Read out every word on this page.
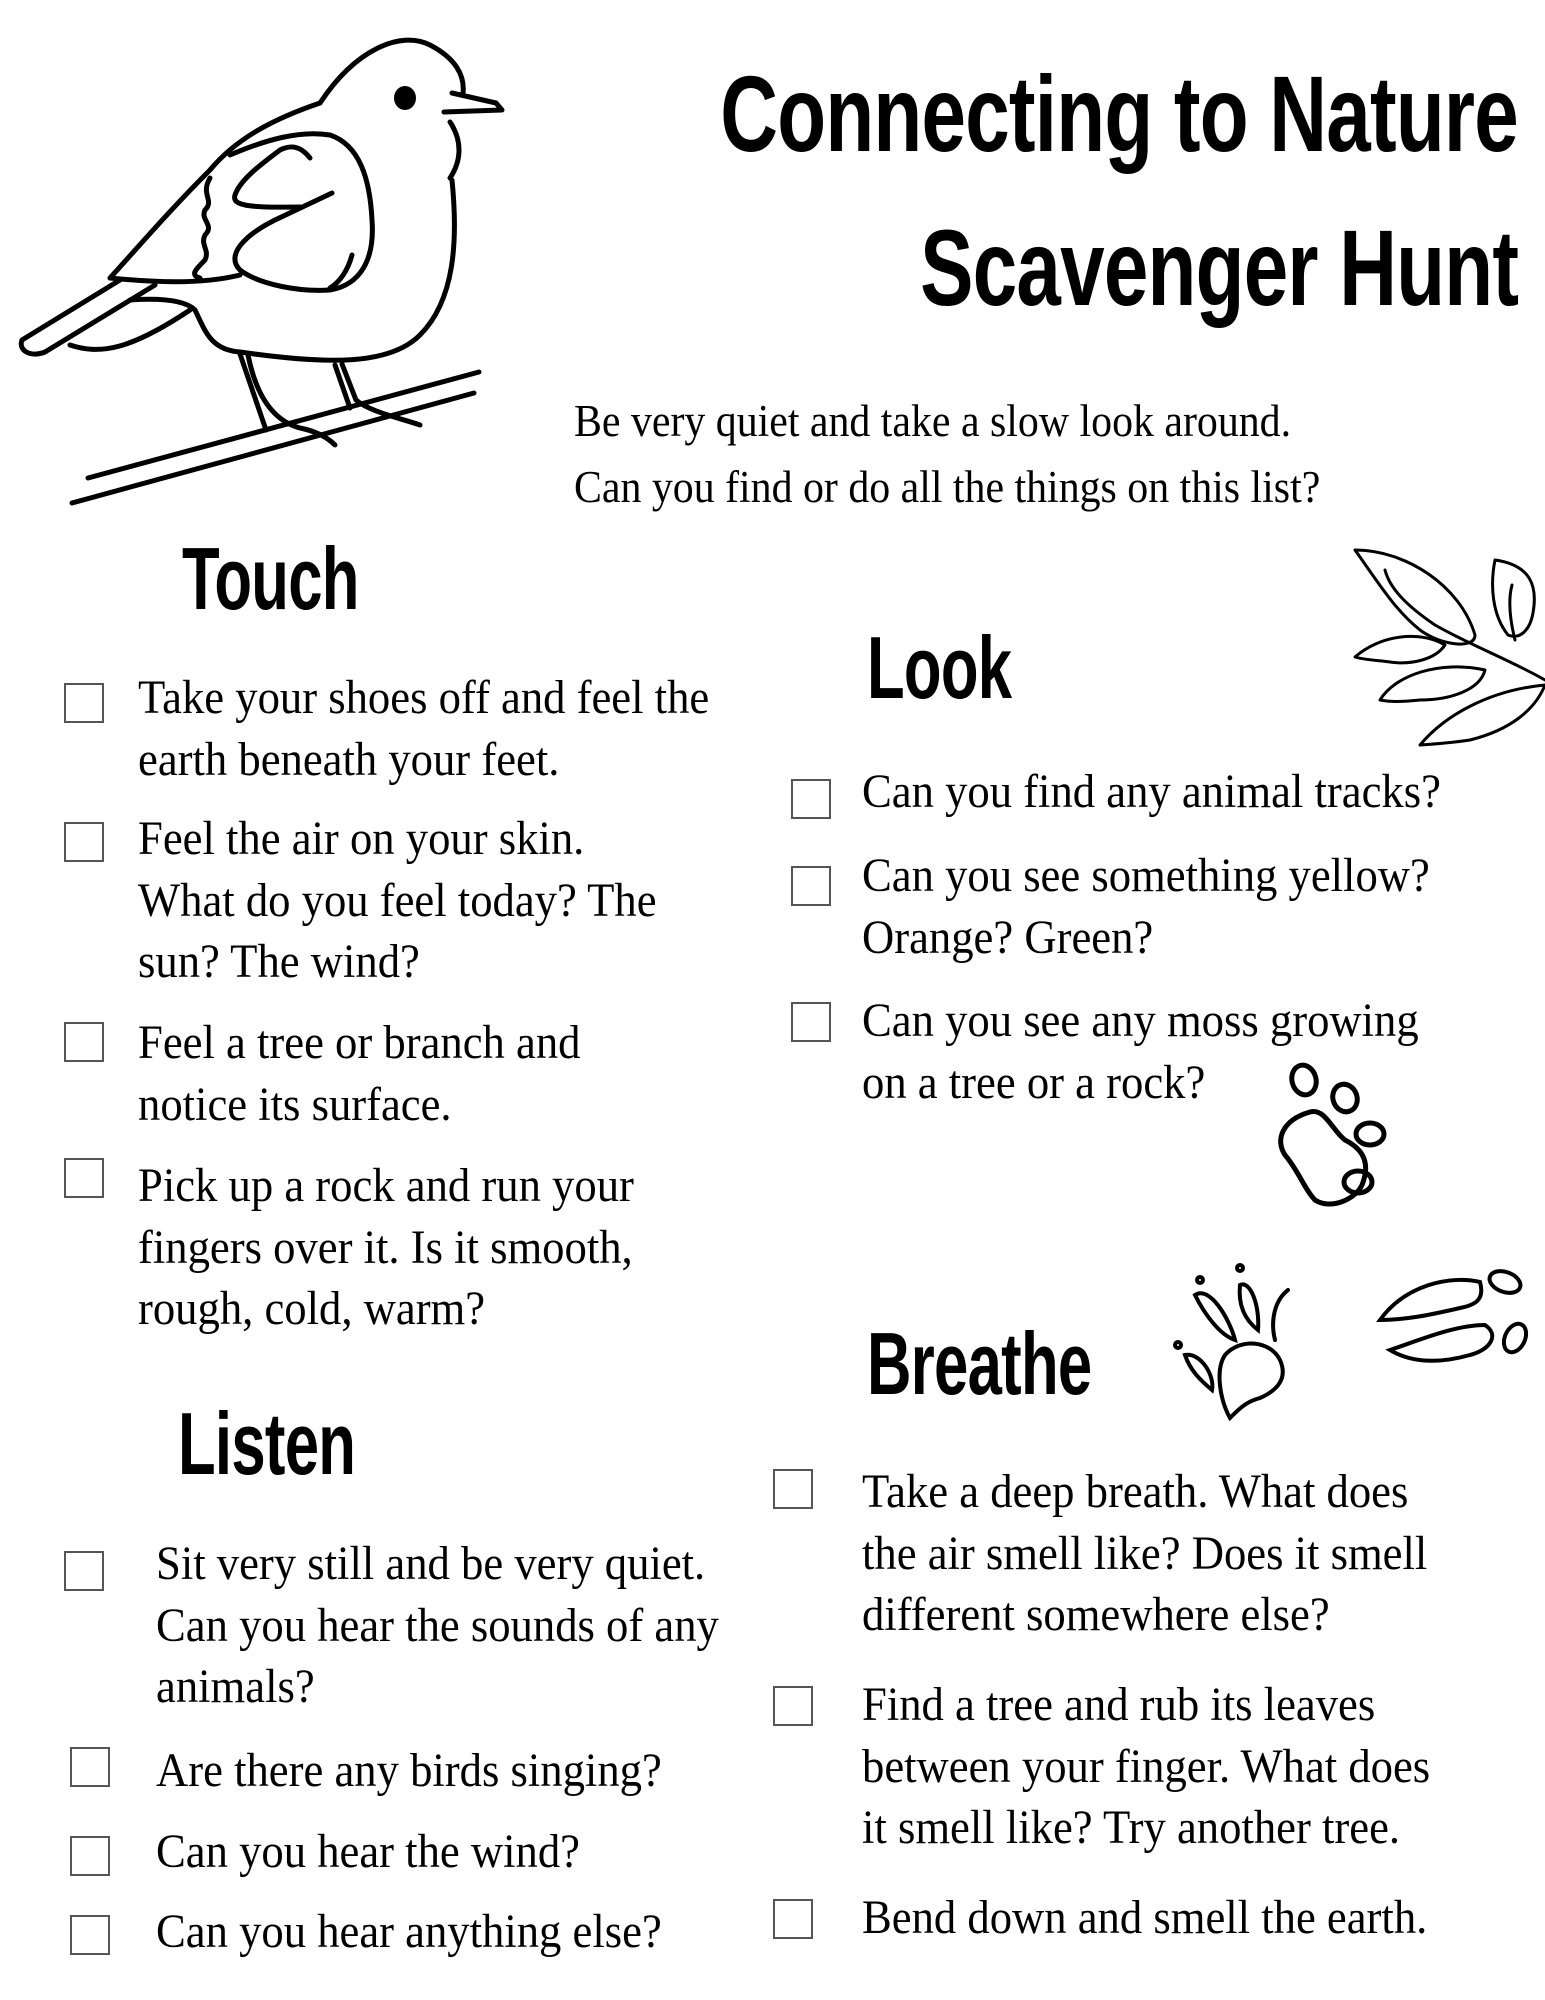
Connecting to Nature
Scavenger Hunt
Be very quiet and take a slow look around.
Can you find or do all the things on this list?
Touch
Take your shoes off and feel the
earth beneath your feet.
Feel the air on your skin.
What do you feel today? The
sun? The wind?
Feel a tree or branch and
notice its surface.
Pick up a rock and run your
fingers over it. Is it smooth,
rough, cold, warm?
Listen
Sit very still and be very quiet.
Can you hear the sounds of any
animals?
Are there any birds singing?
Can you hear the wind?
Can you hear anything else?
Look
Can you find any animal tracks?
Can you see something yellow?
Orange? Green?
Can you see any moss growing
on a tree or a rock?
Breathe
Take a deep breath. What does
the air smell like? Does it smell
different somewhere else?
Find a tree and rub its leaves
between your finger. What does
it smell like? Try another tree.
Bend down and smell the earth.
